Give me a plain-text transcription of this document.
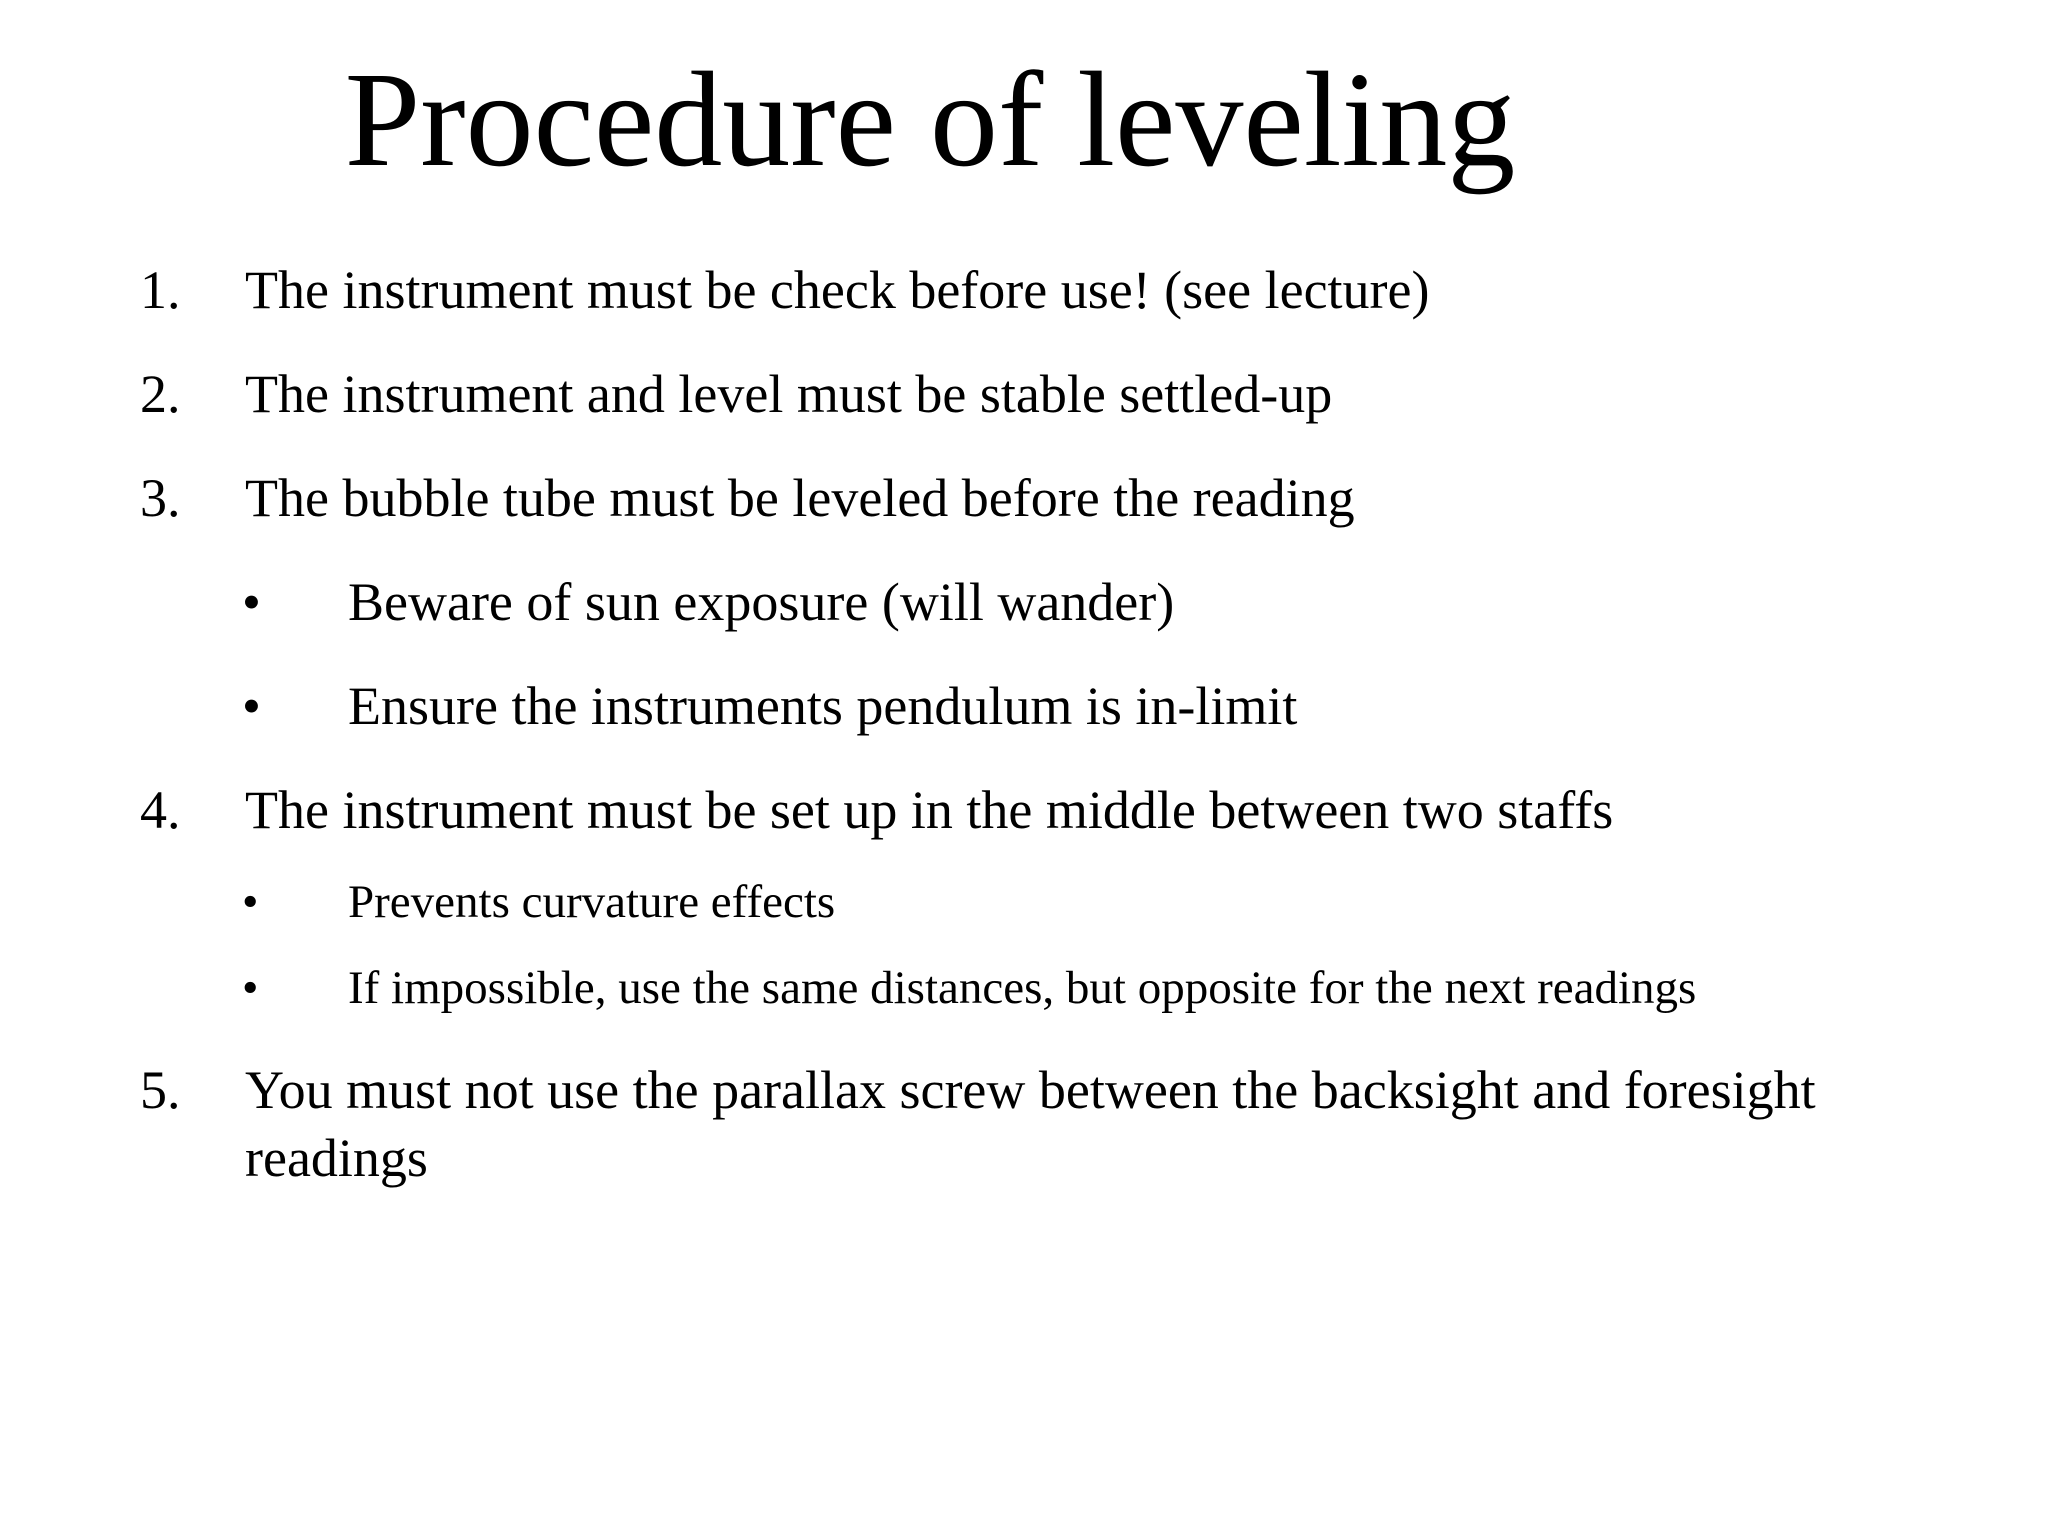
Procedure of leveling
1. The instrument must be check before use! (see lecture)
2. The instrument and level must be stable settled-up
3. The bubble tube must be leveled before the reading
• Beware of sun exposure (will wander)
• Ensure the instruments pendulum is in-limit
4. The instrument must be set up in the middle between two staffs
• Prevents curvature effects
• If impossible, use the same distances, but opposite for the next readings
5. You must not use the parallax screw between the backsight and foresight
readings
